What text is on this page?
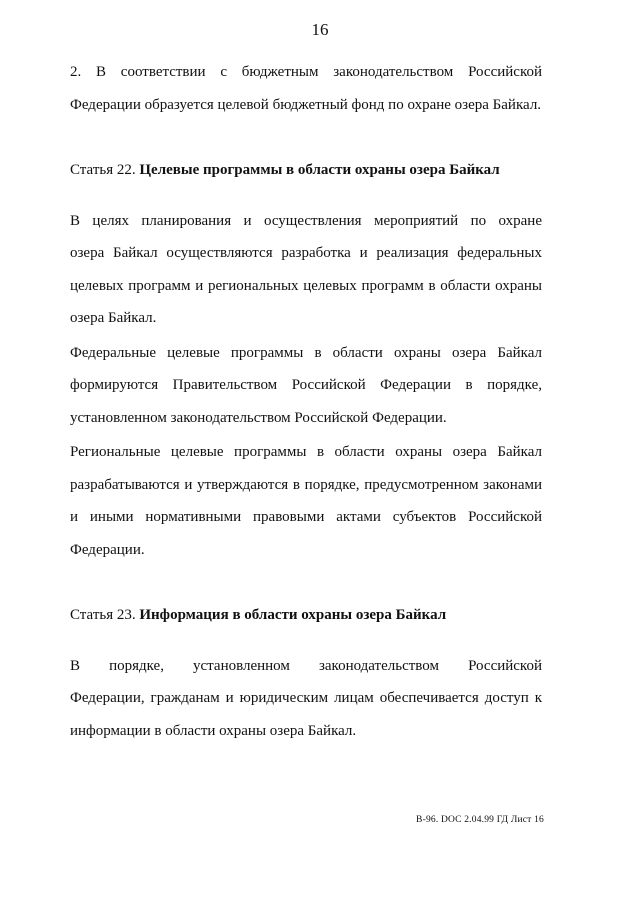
16

2. В соответствии с бюджетным законодательством Российской
Федерации образуется целевой бюджетный фонд по охране озера Байкал.

Статья 22. Целевые программы в области охраны озера Байкал

В целях планирования и осуществления мероприятий по охране
озера Байкал осуществляются разработка и реализация федеральных
целевых программ и региональных целевых программ в области охраны
озера Байкал.

Федеральные целевые программы в области охраны озера Байкал
формируются Правительством Российской Федерации в порядке,
установленном законодательством Российской Федерации.

Региональные целевые программы в области охраны озера Байкал
разрабатываются и утверждаются в порядке, предусмотренном законами
и иными нормативными правовыми актами субъектов Российской
Федерации.

Статья 23. Информация в области охраны озера Байкал

В порядке, установленном законодательством Российской
Федерации, гражданам и юридическим лицам обеспечивается доступ к
информации в области охраны озера Байкал.

В-96. DOC 2.04.99 ГД Лист 16
